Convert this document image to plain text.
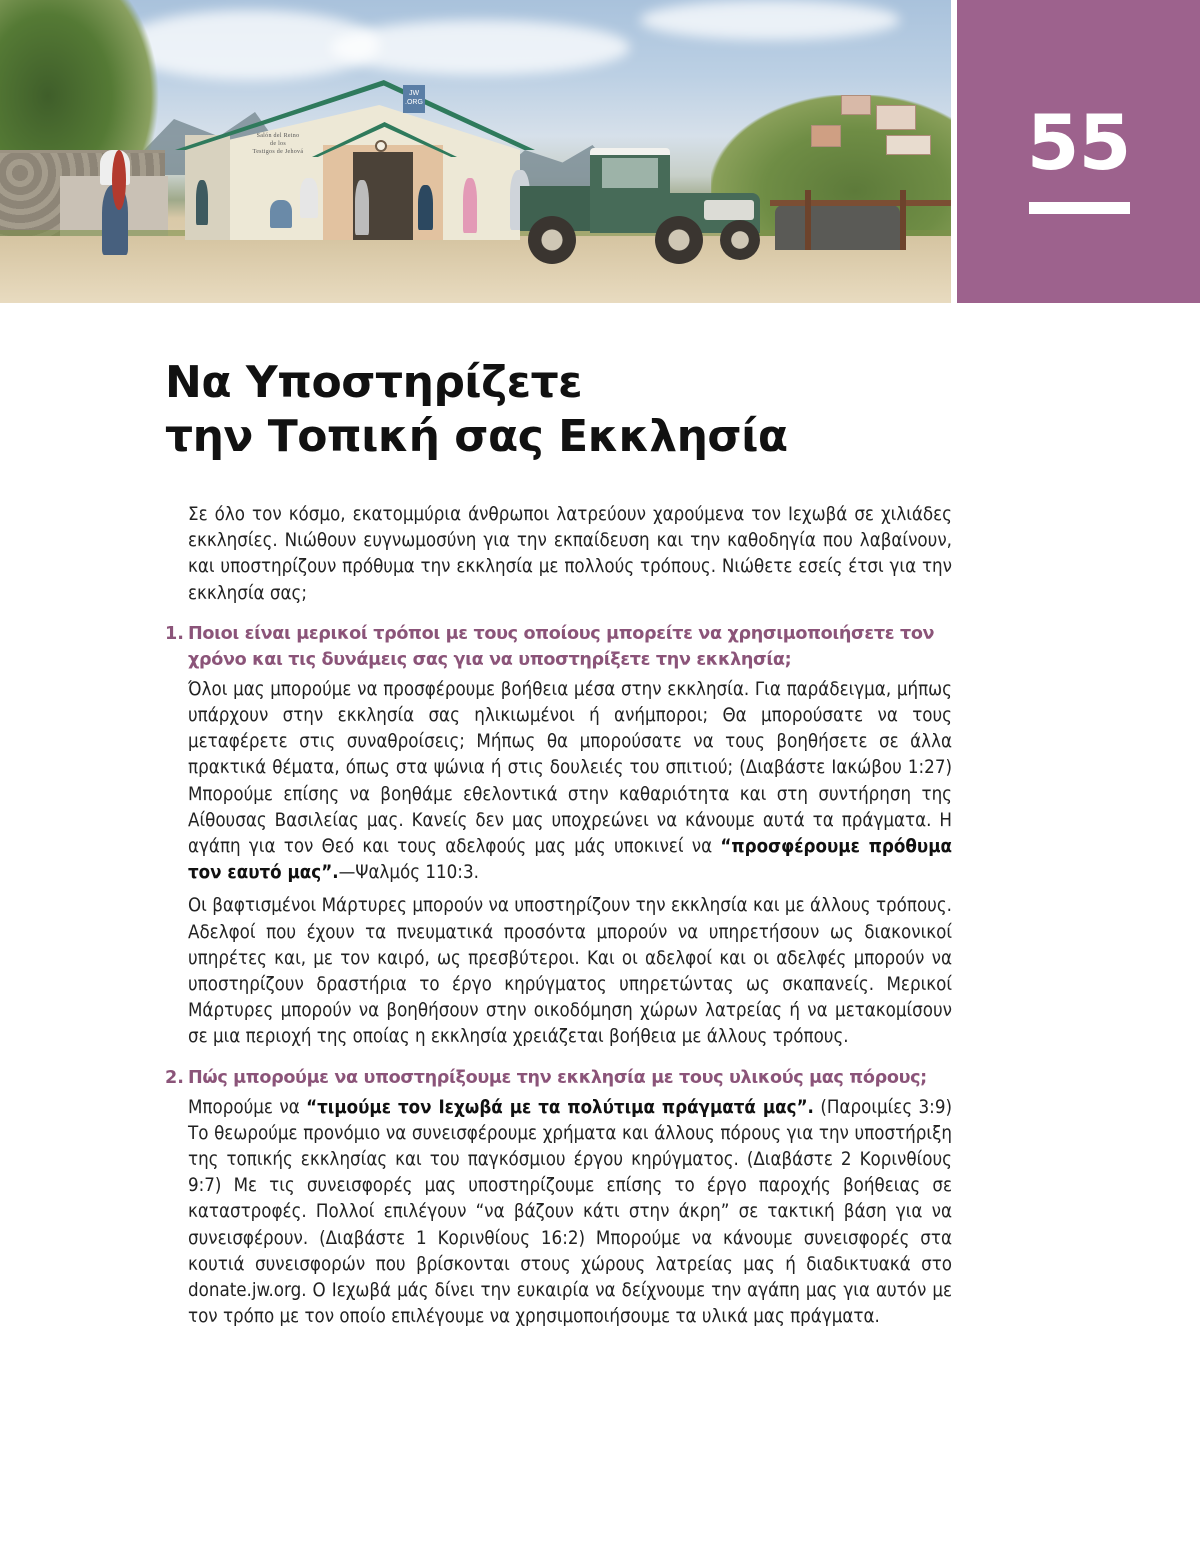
JW
.ORG
Salón del Reino
de los
Testigos de Jehová	55
Να Υποστηρίζετε
την Τοπική σας Εκκλησία

Σε όλο τον κόσμο, εκατομμύρια άνθρωποι λατρεύουν χαρούμενα τον Ιεχωβά σε χιλιάδες εκκλησίες. Νιώθουν ευγνωμοσύνη για την εκπαίδευση και την καθοδηγία που λαβαίνουν, και υποστηρίζουν πρόθυμα την εκκλησία με πολλούς τρόπους. Νιώθετε εσείς έτσι για την εκκλησία σας;

1. Ποιοι είναι μερικοί τρόποι με τους οποίους μπορείτε να χρησιμοποιήσετε τον χρόνο και τις δυνάμεις σας για να υποστηρίξετε την εκκλησία;

Όλοι μας μπορούμε να προσφέρουμε βοήθεια μέσα στην εκκλησία. Για παράδειγμα, μήπως υπάρχουν στην εκκλησία σας ηλικιωμένοι ή ανήμποροι; Θα μπορούσατε να τους μεταφέρετε στις συναθροίσεις; Μήπως θα μπορούσατε να τους βοηθήσετε σε άλλα πρακτικά θέματα, όπως στα ψώνια ή στις δουλειές του σπιτιού; (Διαβάστε Ιακώβου 1:27) Μπορούμε επίσης να βοηθάμε εθελοντικά στην καθαριότητα και στη συντήρηση της Αίθουσας Βασιλείας μας. Κανείς δεν μας υποχρεώνει να κάνουμε αυτά τα πράγματα. Η αγάπη για τον Θεό και τους αδελφούς μας μάς υποκινεί να “προσφέρουμε πρόθυμα τον εαυτό μας”.—Ψαλμός 110:3.

Οι βαφτισμένοι Μάρτυρες μπορούν να υποστηρίζουν την εκκλησία και με άλλους τρόπους. Αδελφοί που έχουν τα πνευματικά προσόντα μπορούν να υπηρετήσουν ως διακονικοί υπηρέτες και, με τον καιρό, ως πρεσβύτεροι. Και οι αδελφοί και οι αδελφές μπορούν να υποστηρίζουν δραστήρια το έργο κηρύγματος υπηρετώντας ως σκαπανείς. Μερικοί Μάρτυρες μπορούν να βοηθήσουν στην οικοδόμηση χώρων λατρείας ή να μετακομίσουν σε μια περιοχή της οποίας η εκκλησία χρειάζεται βοήθεια με άλλους τρόπους.

2. Πώς μπορούμε να υποστηρίξουμε την εκκλησία με τους υλικούς μας πόρους;

Μπορούμε να “τιμούμε τον Ιεχωβά με τα πολύτιμα πράγματά μας”. (Παροιμίες 3:9) Το θεωρούμε προνόμιο να συνεισφέρουμε χρήματα και άλλους πόρους για την υποστήριξη της τοπικής εκκλησίας και του παγκόσμιου έργου κηρύγματος. (Διαβάστε 2 Κορινθίους 9:7) Με τις συνεισφορές μας υποστηρίζουμε επίσης το έργο παροχής βοήθειας σε καταστροφές. Πολλοί επιλέγουν “να βάζουν κάτι στην άκρη” σε τακτική βάση για να συνεισφέρουν. (Διαβάστε 1 Κορινθίους 16:2) Μπορούμε να κάνουμε συνεισφορές στα κουτιά συνεισφορών που βρίσκονται στους χώρους λατρείας μας ή διαδικτυακά στο donate.jw.org. Ο Ιεχωβά μάς δίνει την ευκαιρία να δείχνουμε την αγάπη μας για αυτόν με τον τρόπο με τον οποίο επιλέγουμε να χρησιμοποιήσουμε τα υλικά μας πράγματα.
